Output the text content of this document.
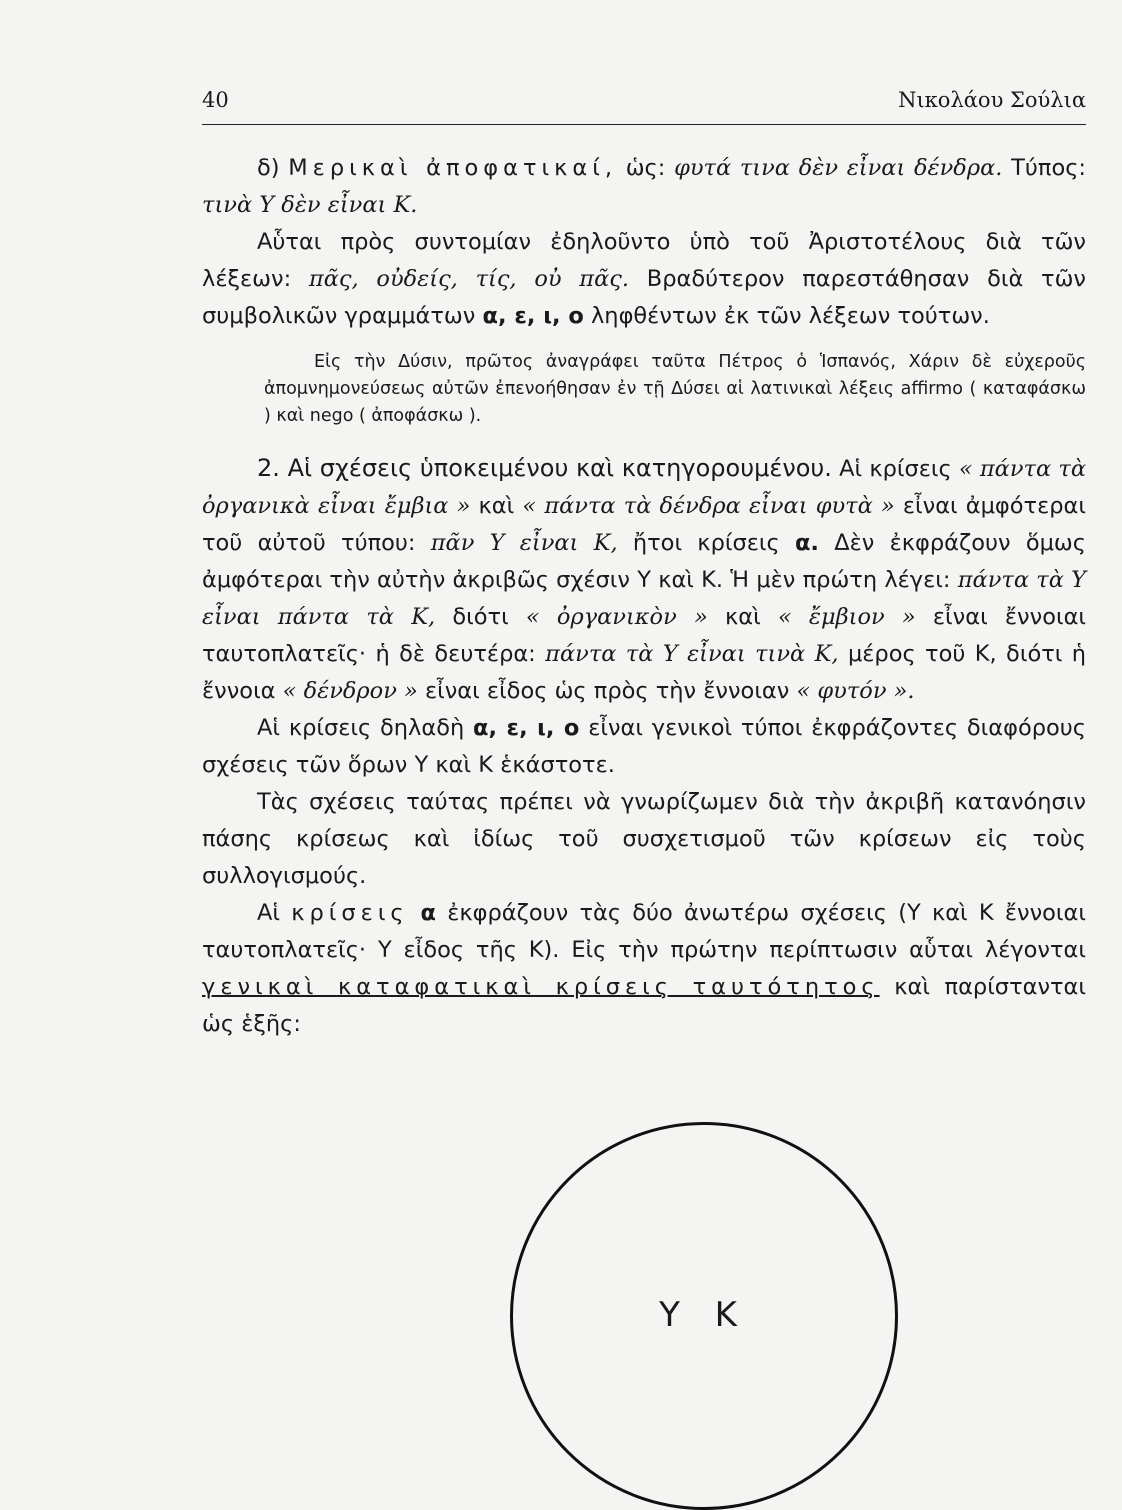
40	Νικολάου Σούλια

δ) Μερικαὶ ἀποφατικαί, ὡς: φυτά τινα δὲν εἶναι δένδρα. Τύπος: τινὰ Υ δὲν εἶναι Κ.

Αὗται πρὸς συντομίαν ἐδηλοῦντο ὑπὸ τοῦ Ἀριστοτέλους διὰ τῶν λέξεων: πᾶς, οὐδείς, τίς, οὐ πᾶς. Βραδύτερον παρεστάθησαν διὰ τῶν συμβολικῶν γραμμάτων α, ε, ι, ο ληφθέντων ἐκ τῶν λέξεων τούτων.

Εἰς τὴν Δύσιν, πρῶτος ἀναγράφει ταῦτα Πέτρος ὁ Ἱσπανός, Χάριν δὲ εὐχεροῦς ἀπομνημονεύσεως αὐτῶν ἐπενοήθησαν ἐν τῇ Δύσει αἱ λατινικαὶ λέξεις affirmo ( καταφάσκω ) καὶ nego ( ἀποφάσκω ).

2. Αἱ σχέσεις ὑποκειμένου καὶ κατηγορουμένου. Αἱ κρίσεις « πάντα τὰ ὀργανικὰ εἶναι ἔμβια » καὶ « πάντα τὰ δένδρα εἶναι φυτὰ » εἶναι ἀμφότεραι τοῦ αὐτοῦ τύπου: πᾶν Υ εἶναι Κ, ἤτοι κρίσεις α. Δὲν ἐκφράζουν ὅμως ἀμφότεραι τὴν αὐτὴν ἀκριβῶς σχέσιν Υ καὶ Κ. Ἡ μὲν πρώτη λέγει: πάντα τὰ Υ εἶναι πάντα τὰ Κ, διότι « ὀργανικὸν » καὶ « ἔμβιον » εἶναι ἔννοιαι ταυτοπλατεῖς· ἡ δὲ δευτέρα: πάντα τὰ Υ εἶναι τινὰ Κ, μέρος τοῦ Κ, διότι ἡ ἔννοια « δένδρον » εἶναι εἶδος ὡς πρὸς τὴν ἔννοιαν « φυτόν ».

Αἱ κρίσεις δηλαδὴ α, ε, ι, ο εἶναι γενικοὶ τύποι ἐκφράζοντες διαφόρους σχέσεις τῶν ὅρων Υ καὶ Κ ἑκάστοτε.

Τὰς σχέσεις ταύτας πρέπει νὰ γνωρίζωμεν διὰ τὴν ἀκριβῆ κατανόησιν πάσης κρίσεως καὶ ἰδίως τοῦ συσχετισμοῦ τῶν κρίσεων εἰς τοὺς συλλογισμούς.

Αἱ κρίσεις α ἐκφράζουν τὰς δύο ἀνωτέρω σχέσεις (Υ καὶ Κ ἔννοιαι ταυτοπλατεῖς· Υ εἶδος τῆς Κ). Εἰς τὴν πρώτην περίπτωσιν αὗται λέγονται γενικαὶ καταφατικαὶ κρίσεις ταυτότητος καὶ παρίστανται ὡς ἑξῆς:

Υ Κ
